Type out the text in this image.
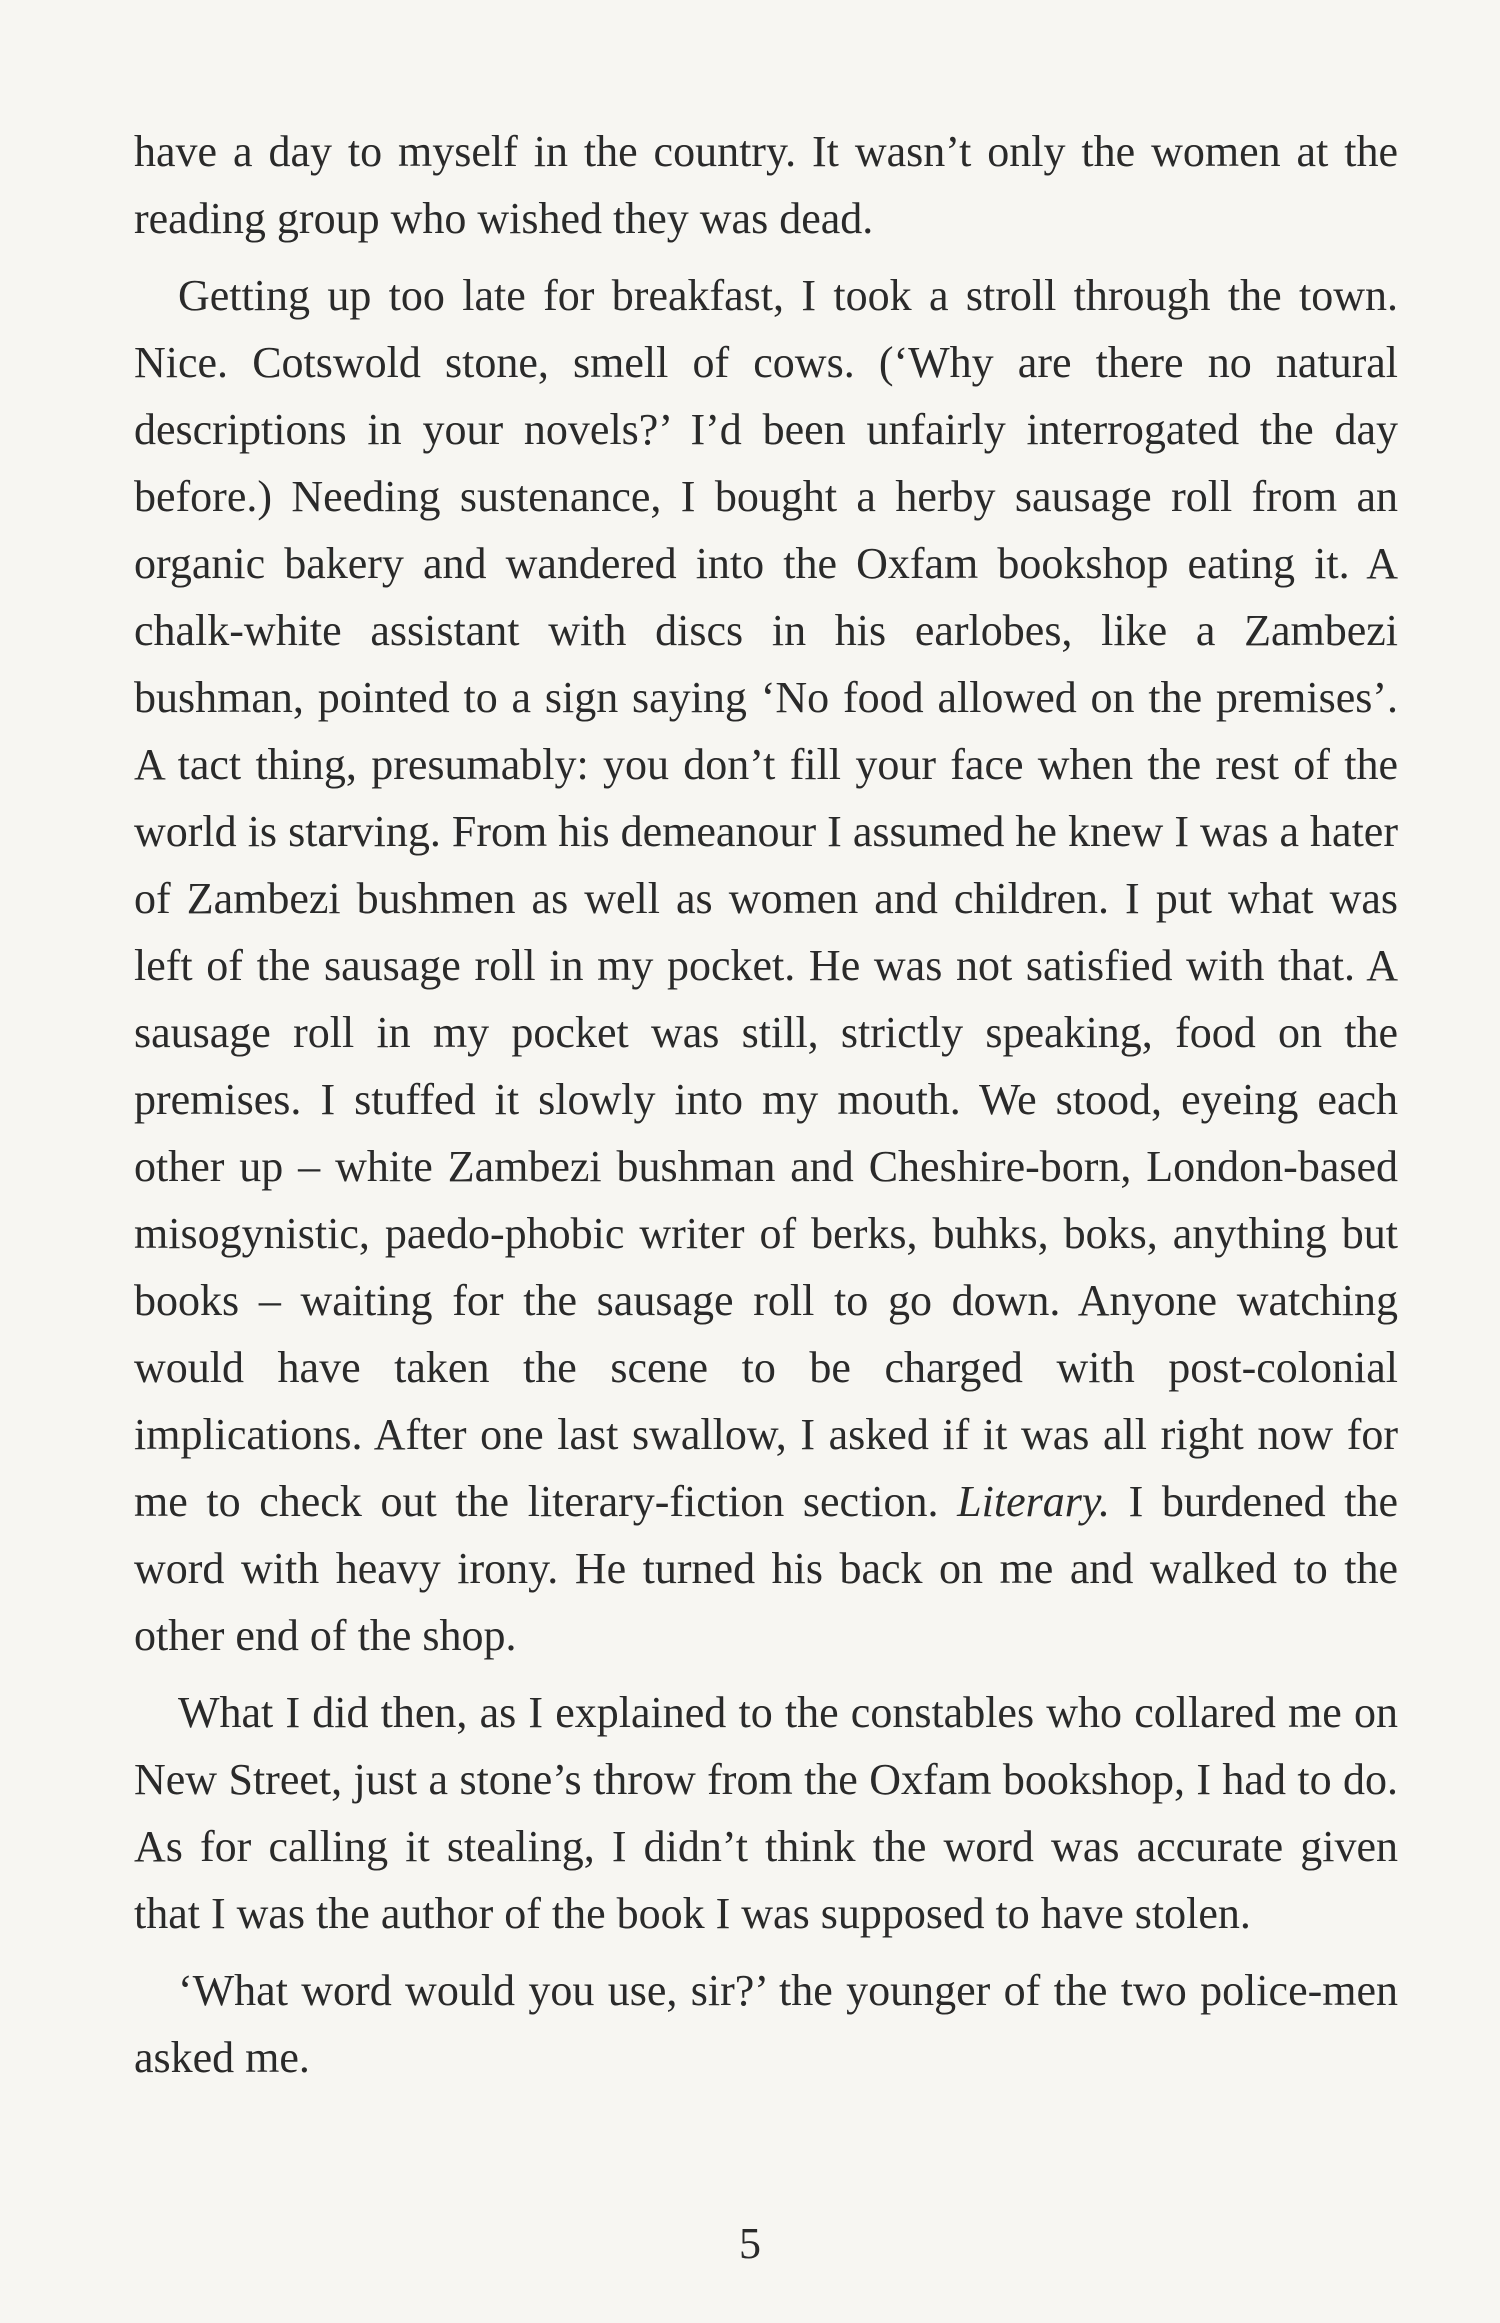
have a day to myself in the country. It wasn’t only the women at the reading group who wished they was dead.

Getting up too late for breakfast, I took a stroll through the town. Nice. Cotswold stone, smell of cows. (‘Why are there no natural descriptions in your novels?’ I’d been unfairly interrogated the day before.) Needing sustenance, I bought a herby sausage roll from an organic bakery and wandered into the Oxfam bookshop eating it. A chalk-white assistant with discs in his earlobes, like a Zambezi bushman, pointed to a sign saying ‘No food allowed on the premises’. A tact thing, presumably: you don’t fill your face when the rest of the world is starving. From his demeanour I assumed he knew I was a hater of Zambezi bushmen as well as women and children. I put what was left of the sausage roll in my pocket. He was not satisfied with that. A sausage roll in my pocket was still, strictly speaking, food on the premises. I stuffed it slowly into my mouth. We stood, eyeing each other up – white Zambezi bushman and Cheshire-born, London-based misogynistic, paedo-phobic writer of berks, buhks, boks, anything but books – waiting for the sausage roll to go down. Anyone watching would have taken the scene to be charged with post-colonial implications. After one last swallow, I asked if it was all right now for me to check out the literary-fiction section. Literary. I burdened the word with heavy irony. He turned his back on me and walked to the other end of the shop.

What I did then, as I explained to the constables who collared me on New Street, just a stone’s throw from the Oxfam bookshop, I had to do. As for calling it stealing, I didn’t think the word was accurate given that I was the author of the book I was supposed to have stolen.

‘What word would you use, sir?’ the younger of the two police-men asked me.

5
